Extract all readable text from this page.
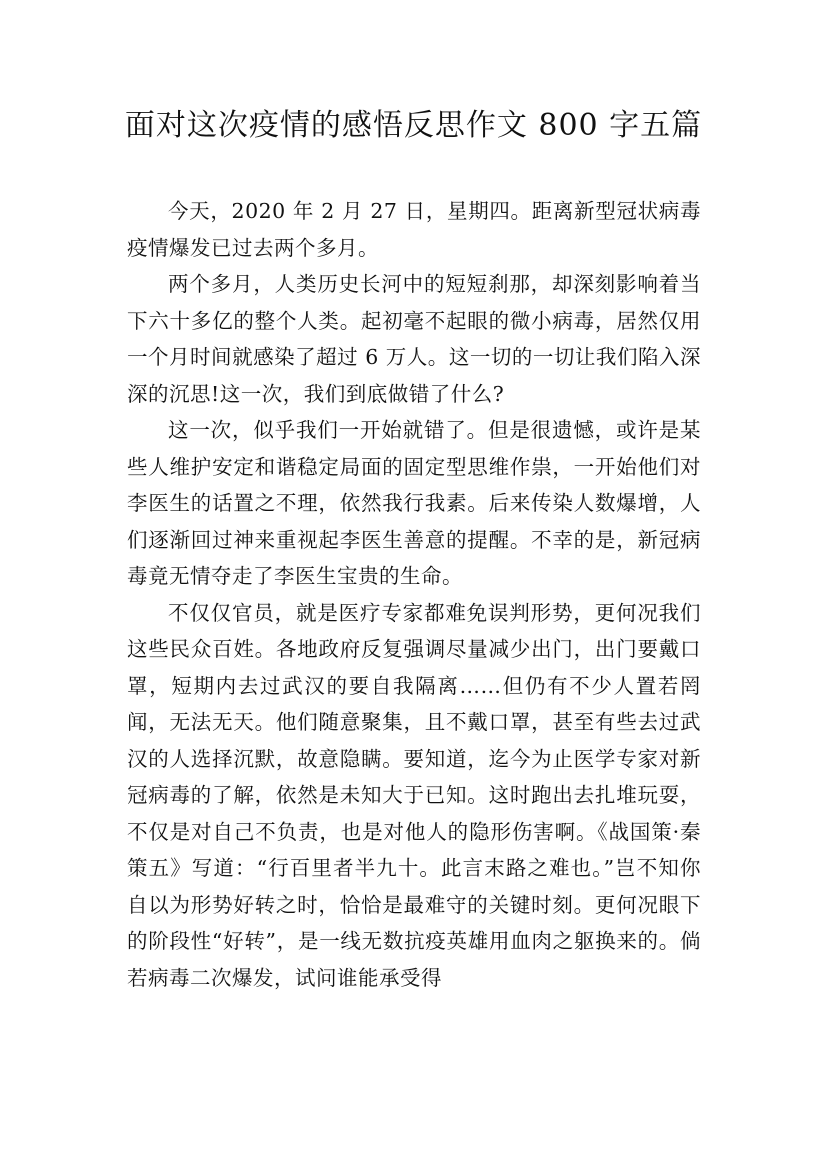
面对这次疫情的感悟反思作文 800 字五篇

今天，2020 年 2 月 27 日，星期四。距离新型冠状病毒疫情爆发已过去两个多月。

两个多月，人类历史长河中的短短刹那，却深刻影响着当下六十多亿的整个人类。起初毫不起眼的微小病毒，居然仅用一个月时间就感染了超过 6 万人。这一切的一切让我们陷入深深的沉思!这一次，我们到底做错了什么?

这一次，似乎我们一开始就错了。但是很遗憾，或许是某些人维护安定和谐稳定局面的固定型思维作祟，一开始他们对李医生的话置之不理，依然我行我素。后来传染人数爆增，人们逐渐回过神来重视起李医生善意的提醒。不幸的是，新冠病毒竟无情夺走了李医生宝贵的生命。

不仅仅官员，就是医疗专家都难免误判形势，更何况我们这些民众百姓。各地政府反复强调尽量减少出门，出门要戴口罩，短期内去过武汉的要自我隔离……但仍有不少人置若罔闻，无法无天。他们随意聚集，且不戴口罩，甚至有些去过武汉的人选择沉默，故意隐瞒。要知道，迄今为止医学专家对新冠病毒的了解，依然是未知大于已知。这时跑出去扎堆玩耍，不仅是对自己不负责，也是对他人的隐形伤害啊。《战国策·秦策五》写道：“行百里者半九十。此言末路之难也。”岂不知你自以为形势好转之时，恰恰是最难守的关键时刻。更何况眼下的阶段性“好转”，是一线无数抗疫英雄用血肉之躯换来的。倘若病毒二次爆发，试问谁能承受得
